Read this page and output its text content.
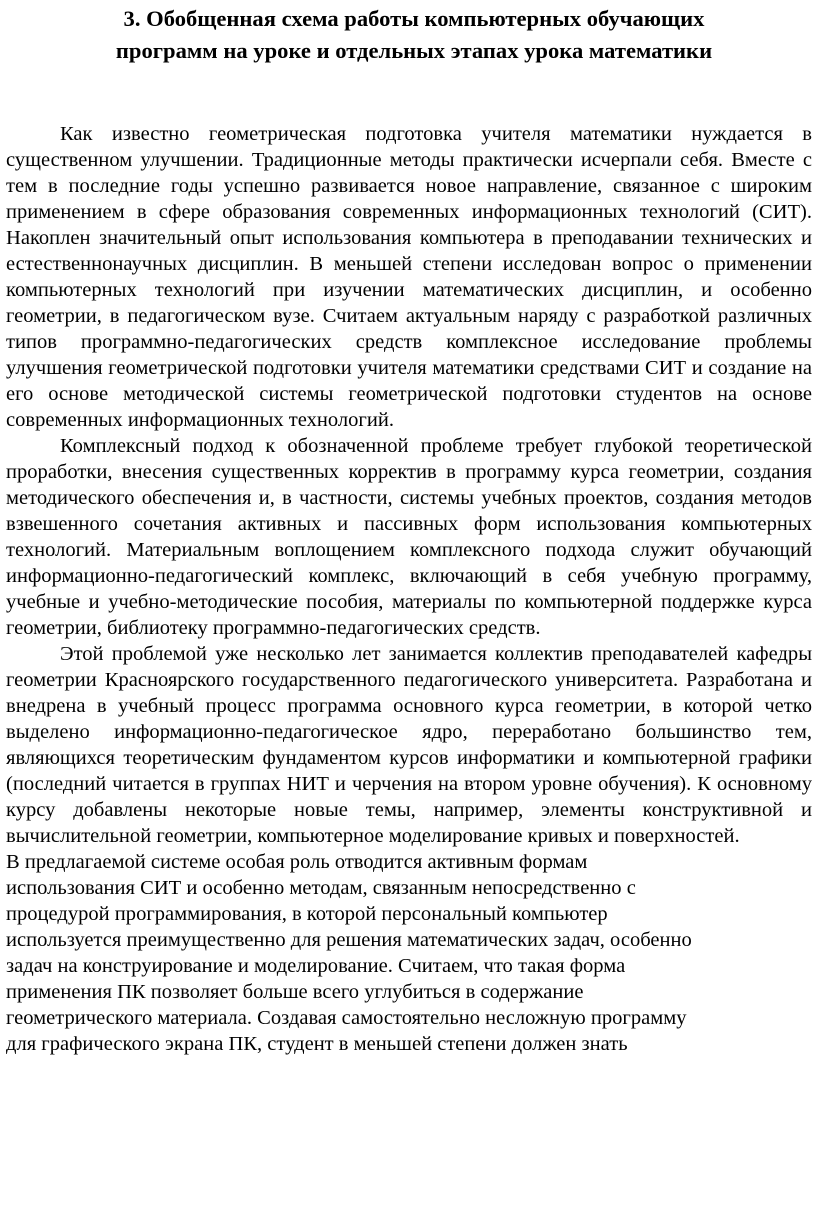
3. Обобщенная схема работы компьютерных обучающих
программ на уроке и отдельных этапах урока математики

Как известно геометрическая подготовка учителя математики нуждается в существенном улучшении. Традиционные методы практически исчерпали себя. Вместе с тем в последние годы успешно развивается новое направление, связанное с широким применением в сфере образования современных информационных технологий (СИТ). Накоплен значительный опыт использования компьютера в преподавании технических и естественнонаучных дисциплин. В меньшей степени исследован вопрос о применении компьютерных технологий при изучении математических дисциплин, и особенно геометрии, в педагогическом вузе. Считаем актуальным наряду с разработкой различных типов программно-педагогических средств комплексное исследование проблемы улучшения геометрической подготовки учителя математики средствами СИТ и создание на его основе методической системы геометрической подготовки студентов на основе современных информационных технологий.

Комплексный подход к обозначенной проблеме требует глубокой теоретической проработки, внесения существенных корректив в программу курса геометрии, создания методического обеспечения и, в частности, системы учебных проектов, создания методов взвешенного сочетания активных и пассивных форм использования компьютерных технологий. Материальным воплощением комплексного подхода служит обучающий информационно-педагогический комплекс, включающий в себя учебную программу, учебные и учебно-методические пособия, материалы по компьютерной поддержке курса геометрии, библиотеку программно-педагогических средств.

Этой проблемой уже несколько лет занимается коллектив преподавателей кафедры геометрии Красноярского государственного педагогического университета. Разработана и внедрена в учебный процесс программа основного курса геометрии, в которой четко выделено информационно-педагогическое ядро, переработано большинство тем, являющихся теоретическим фундаментом курсов информатики и компьютерной графики (последний читается в группах НИТ и черчения на втором уровне обучения). К основному курсу добавлены некоторые новые темы, например, элементы конструктивной и вычислительной геометрии, компьютерное моделирование кривых и поверхностей.

В предлагаемой системе особая роль отводится активным формам
использования СИТ и особенно методам, связанным непосредственно с
процедурой программирования, в которой персональный компьютер
используется преимущественно для решения математических задач, особенно
задач на конструирование и моделирование. Считаем, что такая форма
применения ПК позволяет больше всего углубиться в содержание
геометрического материала. Создавая самостоятельно несложную программу
для графического экрана ПК, студент в меньшей степени должен знать
